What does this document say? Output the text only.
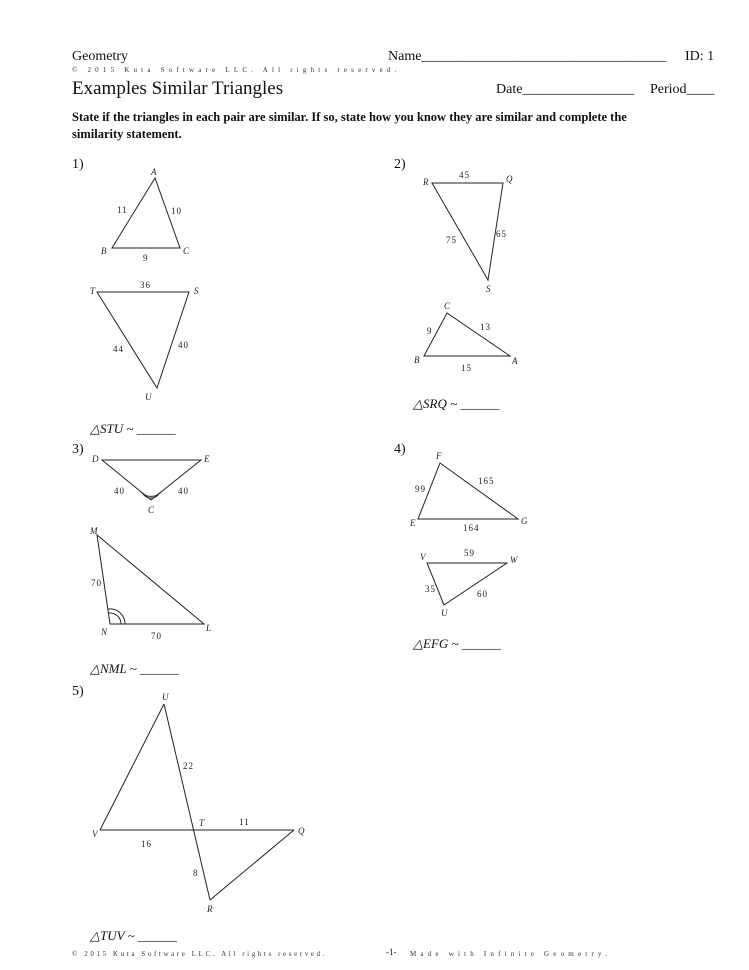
Geometry	Name___________________________________ ID: 1
© 2015 Kuta Software LLC. All rights reserved.
Examples Similar Triangles	Date________________ Period____
State if the triangles in each pair are similar. If so, state how you know they are similar and complete the similarity statement.
1)	2)
3)	4)
5)
△STU ~ ______
△SRQ ~ ______
△NML ~ ______
△EFG ~ ______
△TUV ~ ______
A
B	C
11	10
9
T	S
U
36
44	40
R	Q
S
45
75
65
C
B	A
13
9
15
D	E
C
40	40
M
N	L
70
70
F
E	G
99
165
164
V	W
U
59
35	60
U
V
T
Q
R
22
11
16
8
© 2015 Kuta Software LLC. All rights reserved.	-1- Made with Infinite Geometry.
